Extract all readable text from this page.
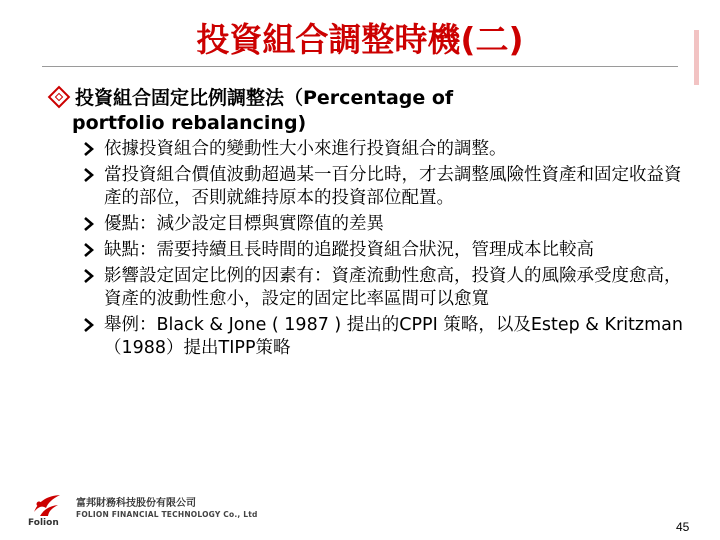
投資組合調整時機(二)
投資組合固定比例調整法（Percentage of
portfolio rebalancing)
依據投資組合的變動性大小來進行投資組合的調整。
當投資組合價值波動超過某一百分比時，才去調整風險性資產和固定收益資產的部位，否則就維持原本的投資部位配置。
優點：減少設定目標與實際值的差異
缺點：需要持續且長時間的追蹤投資組合狀況，管理成本比較高
影響設定固定比例的因素有：資產流動性愈高，投資人的風險承受度愈高，資產的波動性愈小，設定的固定比率區間可以愈寬
舉例：Black & Jone ( 1987 ) 提出的CPPI 策略，以及Estep & Kritzman（1988）提出TIPP策略
Folion
富邦財務科技股份有限公司
FOLION FINANCIAL TECHNOLOGY Co., Ltd
45
